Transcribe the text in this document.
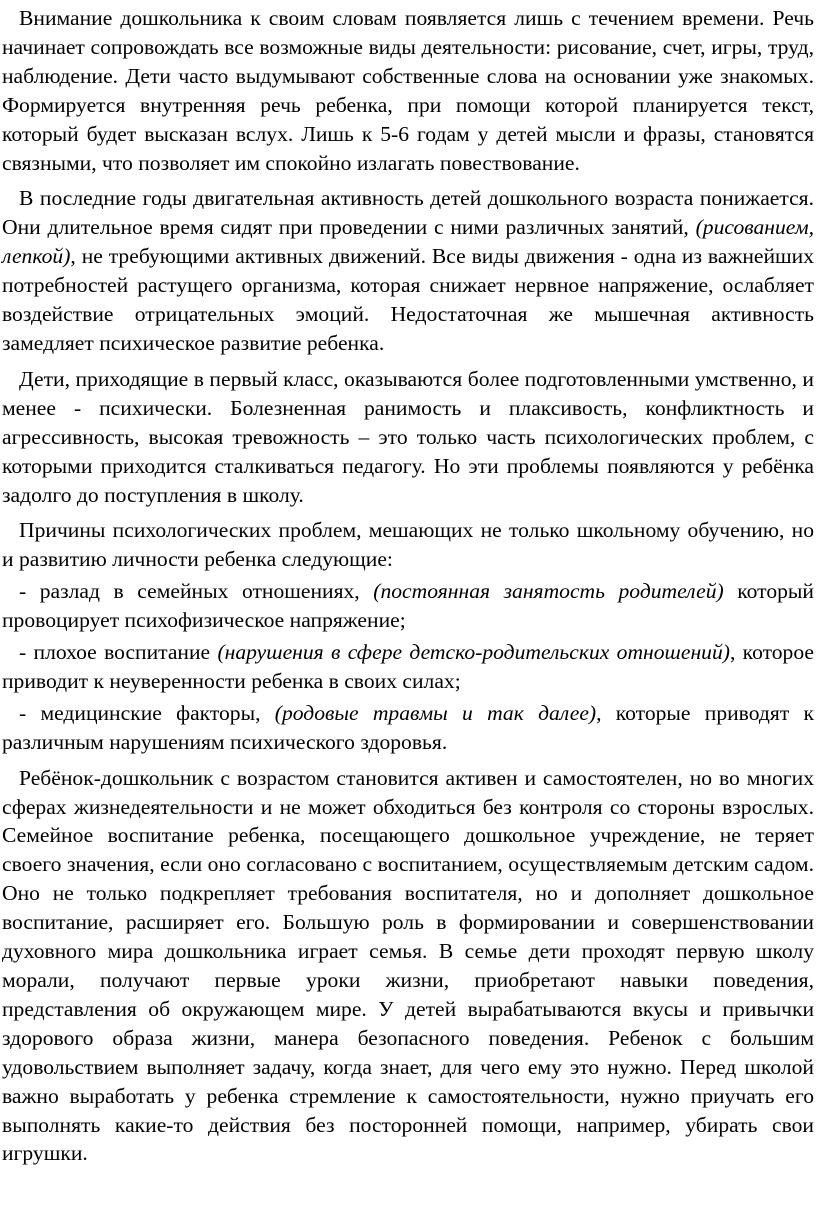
Внимание дошкольника к своим словам появляется лишь с течением времени. Речь начинает сопровождать все возможные виды деятельности: рисование, счет, игры, труд, наблюдение. Дети часто выдумывают собственные слова на основании уже знакомых. Формируется внутренняя речь ребенка, при помощи которой планируется текст, который будет высказан вслух. Лишь к 5-6 годам у детей мысли и фразы, становятся связными, что позволяет им спокойно излагать повествование.

В последние годы двигательная активность детей дошкольного возраста понижается. Они длительное время сидят при проведении с ними различных занятий, (рисованием, лепкой), не требующими активных движений. Все виды движения - одна из важнейших потребностей растущего организма, которая снижает нервное напряжение, ослабляет воздействие отрицательных эмоций. Недостаточная же мышечная активность замедляет психическое развитие ребенка.

Дети, приходящие в первый класс, оказываются более подготовленными умственно, и менее - психически. Болезненная ранимость и плаксивость, конфликтность и агрессивность, высокая тревожность – это только часть психологических проблем, с которыми приходится сталкиваться педагогу. Но эти проблемы появляются у ребёнка задолго до поступления в школу.

Причины психологических проблем, мешающих не только школьному обучению, но и развитию личности ребенка следующие:

- разлад в семейных отношениях, (постоянная занятость родителей) который провоцирует психофизическое напряжение;

- плохое воспитание (нарушения в сфере детско-родительских отношений), которое приводит к неуверенности ребенка в своих силах;

- медицинские факторы, (родовые травмы и так далее), которые приводят к различным нарушениям психического здоровья.

Ребёнок-дошкольник с возрастом становится активен и самостоятелен, но во многих сферах жизнедеятельности и не может обходиться без контроля со стороны взрослых. Семейное воспитание ребенка, посещающего дошкольное учреждение, не теряет своего значения, если оно согласовано с воспитанием, осуществляемым детским садом. Оно не только подкрепляет требования воспитателя, но и дополняет дошкольное воспитание, расширяет его. Большую роль в формировании и совершенствовании духовного мира дошкольника играет семья. В семье дети проходят первую школу морали, получают первые уроки жизни, приобретают навыки поведения, представления об окружающем мире. У детей вырабатываются вкусы и привычки здорового образа жизни, манера безопасного поведения. Ребенок с большим удовольствием выполняет задачу, когда знает, для чего ему это нужно. Перед школой важно выработать у ребенка стремление к самостоятельности, нужно приучать его выполнять какие-то действия без посторонней помощи, например, убирать свои игрушки.
